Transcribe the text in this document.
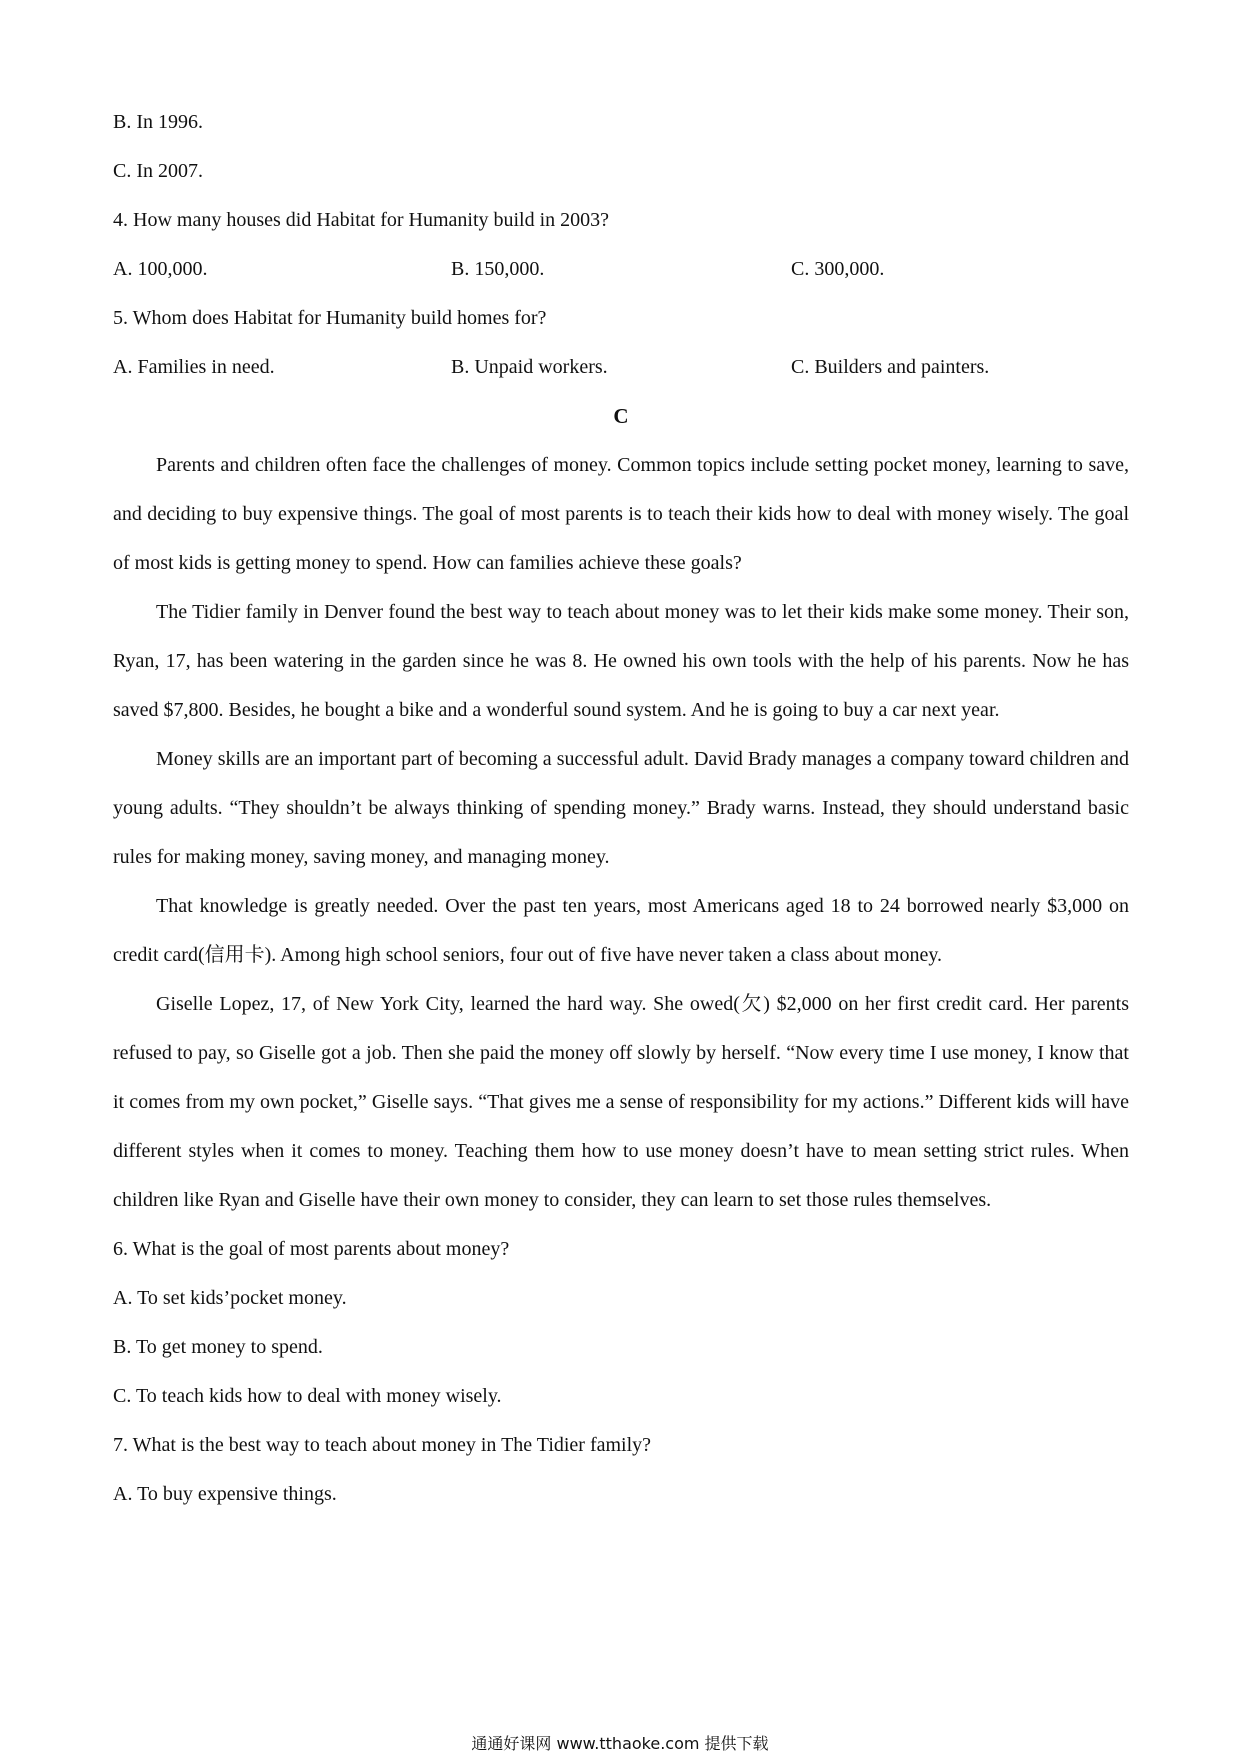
B. In 1996.

C. In 2007.

4. How many houses did Habitat for Humanity build in 2003?

A. 100,000.	B. 150,000.	C. 300,000.

5. Whom does Habitat for Humanity build homes for?

A. Families in need.	B. Unpaid workers.	C. Builders and painters.

C

Parents and children often face the challenges of money. Common topics include setting pocket money, learning to save, and deciding to buy expensive things. The goal of most parents is to teach their kids how to deal with money wisely. The goal of most kids is getting money to spend. How can families achieve these goals?

The Tidier family in Denver found the best way to teach about money was to let their kids make some money. Their son, Ryan, 17, has been watering in the garden since he was 8. He owned his own tools with the help of his parents. Now he has saved $7,800. Besides, he bought a bike and a wonderful sound system. And he is going to buy a car next year.

Money skills are an important part of becoming a successful adult. David Brady manages a company toward children and young adults. “They shouldn’t be always thinking of spending money.” Brady warns. Instead, they should understand basic rules for making money, saving money, and managing money.

That knowledge is greatly needed. Over the past ten years, most Americans aged 18 to 24 borrowed nearly $3,000 on credit card(信用卡). Among high school seniors, four out of five have never taken a class about money.

Giselle Lopez, 17, of New York City, learned the hard way. She owed(欠) $2,000 on her first credit card. Her parents refused to pay, so Giselle got a job. Then she paid the money off slowly by herself. “Now every time I use money, I know that it comes from my own pocket,” Giselle says. “That gives me a sense of responsibility for my actions.” Different kids will have different styles when it comes to money. Teaching them how to use money doesn’t have to mean setting strict rules. When children like Ryan and Giselle have their own money to consider, they can learn to set those rules themselves.

6. What is the goal of most parents about money?

A. To set kids’pocket money.

B. To get money to spend.

C. To teach kids how to deal with money wisely.

7. What is the best way to teach about money in The Tidier family?

A. To buy expensive things.

通通好课网 www.tthaoke.com 提供下载
